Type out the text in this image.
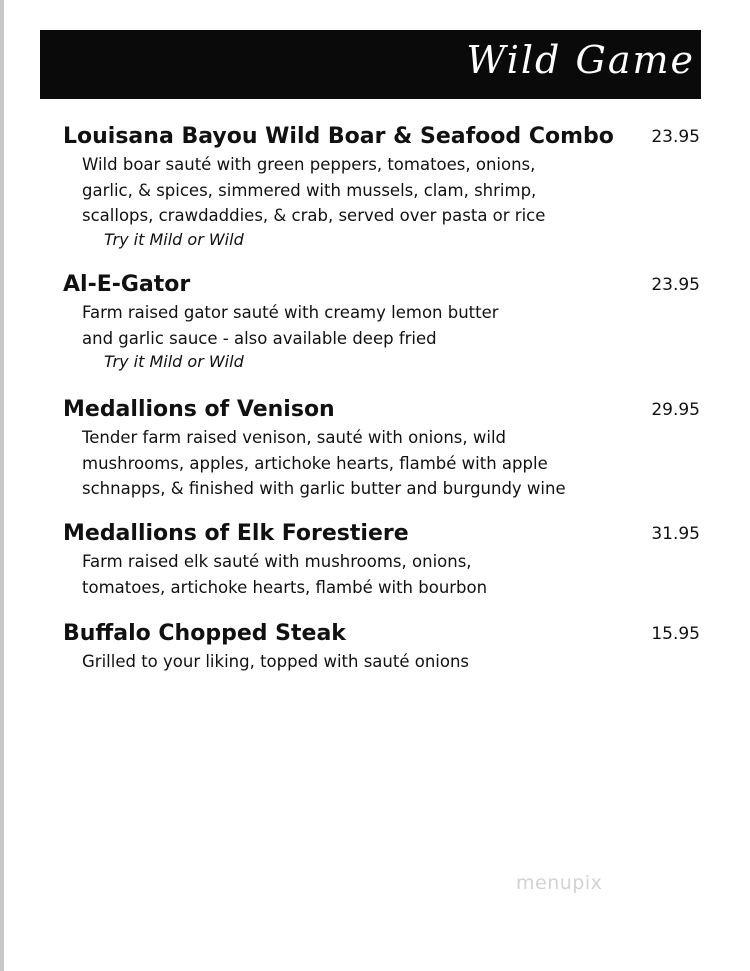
Wild Game
Louisana Bayou Wild Boar & Seafood Combo	23.95
Wild boar sauté with green peppers, tomatoes, onions,
garlic, & spices, simmered with mussels, clam, shrimp,
scallops, crawdaddies, & crab, served over pasta or rice
Try it Mild or Wild
Al-E-Gator	23.95
Farm raised gator sauté with creamy lemon butter
and garlic sauce - also available deep fried
Try it Mild or Wild
Medallions of Venison	29.95
Tender farm raised venison, sauté with onions, wild
mushrooms, apples, artichoke hearts, flambé with apple
schnapps, & finished with garlic butter and burgundy wine
Medallions of Elk Forestiere	31.95
Farm raised elk sauté with mushrooms, onions,
tomatoes, artichoke hearts, flambé with bourbon
Buffalo Chopped Steak	15.95
Grilled to your liking, topped with sauté onions
menupix
